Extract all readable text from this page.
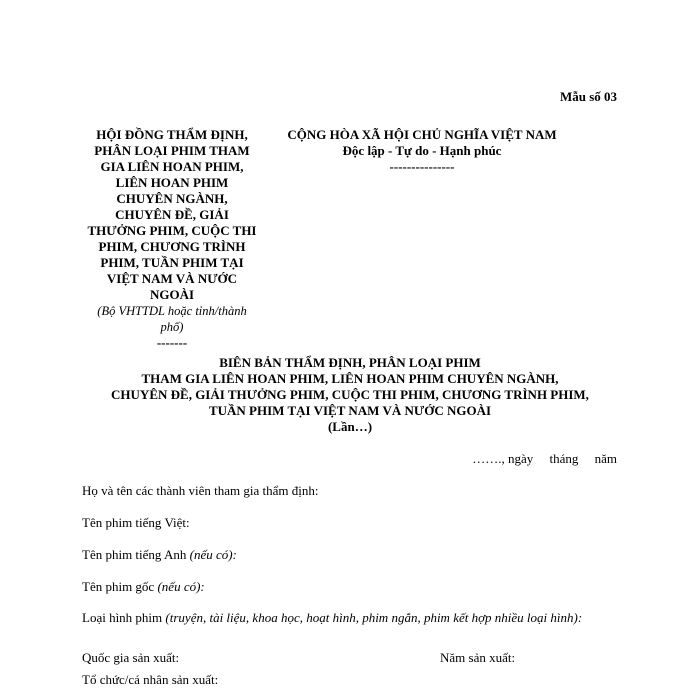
Mẫu số 03
HỘI ĐỒNG THẨM ĐỊNH,
PHÂN LOẠI PHIM THAM
GIA LIÊN HOAN PHIM,
LIÊN HOAN PHIM
CHUYÊN NGÀNH,
CHUYÊN ĐỀ, GIẢI
THƯỞNG PHIM, CUỘC THI
PHIM, CHƯƠNG TRÌNH
PHIM, TUẦN PHIM TẠI
VIỆT NAM VÀ NƯỚC
NGOÀI
(Bộ VHTTDL hoặc tỉnh/thành
phố)
-------
CỘNG HÒA XÃ HỘI CHỦ NGHĨA VIỆT NAM
Độc lập - Tự do - Hạnh phúc
---------------
BIÊN BẢN THẨM ĐỊNH, PHÂN LOẠI PHIM
THAM GIA LIÊN HOAN PHIM, LIÊN HOAN PHIM CHUYÊN NGÀNH,
CHUYÊN ĐỀ, GIẢI THƯỞNG PHIM, CUỘC THI PHIM, CHƯƠNG TRÌNH PHIM,
TUẦN PHIM TẠI VIỆT NAM VÀ NƯỚC NGOÀI
(Lần…)
……., ngày     tháng     năm
Họ và tên các thành viên tham gia thẩm định:
Tên phim tiếng Việt:
Tên phim tiếng Anh (nếu có):
Tên phim gốc (nếu có):
Loại hình phim (truyện, tài liệu, khoa học, hoạt hình, phim ngắn, phim kết hợp nhiều loại hình):
Quốc gia sản xuất:	Năm sản xuất:
Tổ chức/cá nhân sản xuất:
